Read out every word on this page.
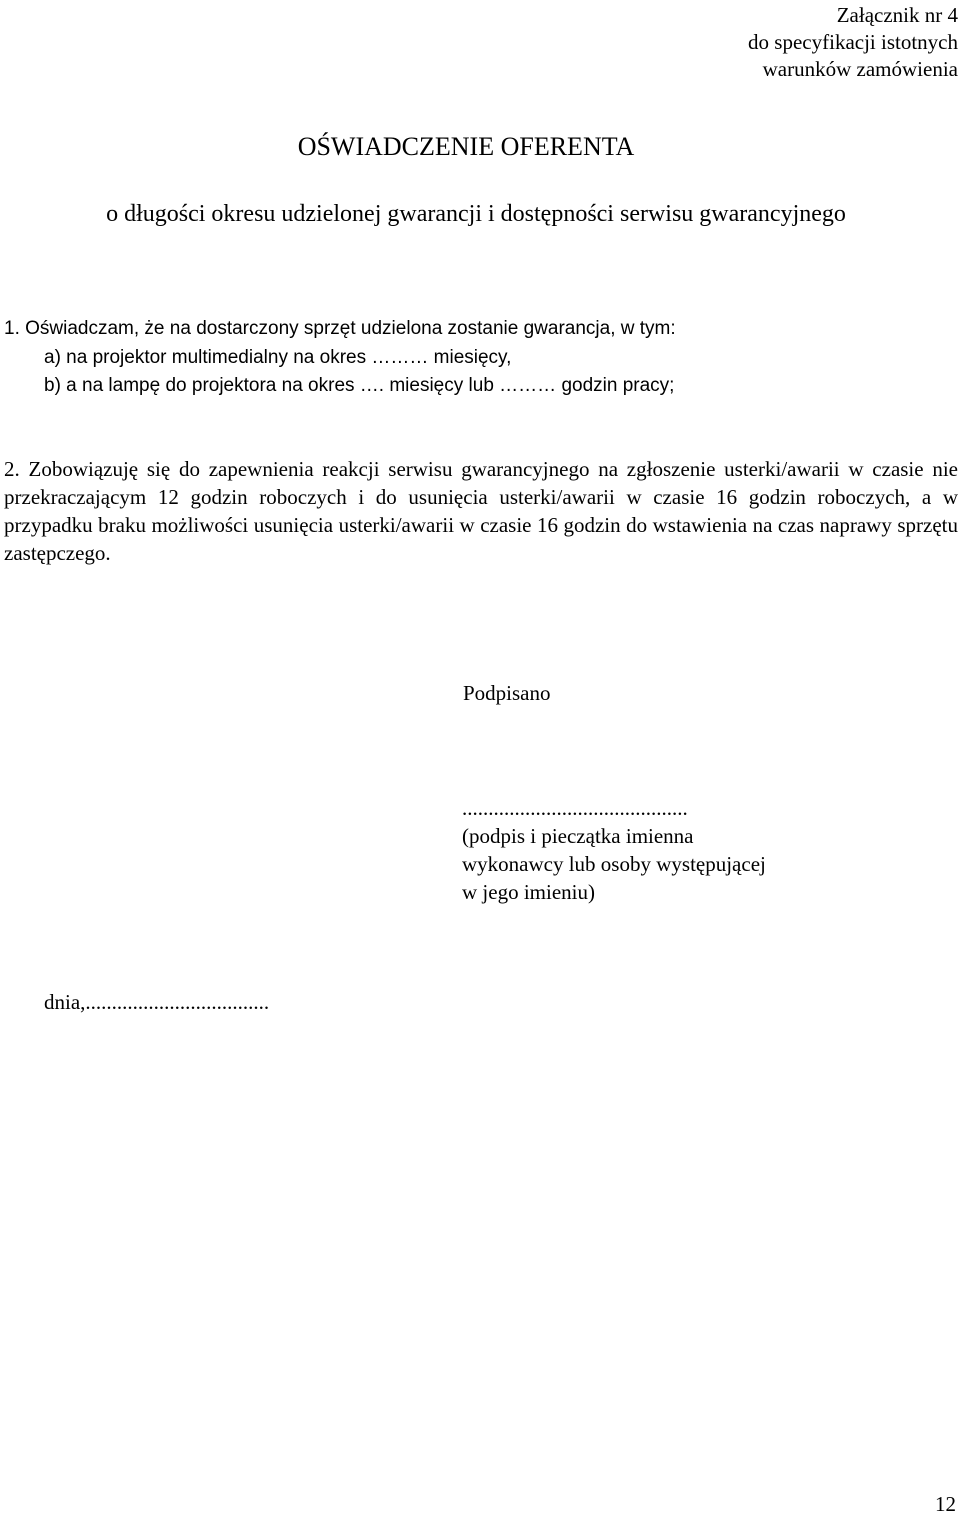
Załącznik nr 4
do specyfikacji istotnych
warunków zamówienia
OŚWIADCZENIE OFERENTA
o długości okresu udzielonej gwarancji i dostępności serwisu gwarancyjnego
1. Oświadczam, że na dostarczony sprzęt udzielona zostanie gwarancja, w tym:
a) na projektor multimedialny na okres ……… miesięcy,
b) a na lampę do projektora na okres …. miesięcy lub ……… godzin pracy;
2. Zobowiązuję się do zapewnienia reakcji serwisu gwarancyjnego na zgłoszenie usterki/awarii w czasie nie przekraczającym 12 godzin roboczych i do usunięcia usterki/awarii w czasie 16 godzin roboczych, a w przypadku braku możliwości usunięcia usterki/awarii w czasie 16 godzin do wstawienia na czas naprawy sprzętu zastępczego.
Podpisano
...........................................
(podpis i pieczątka imienna
wykonawcy lub osoby występującej
w jego imieniu)
dnia,...................................
12
